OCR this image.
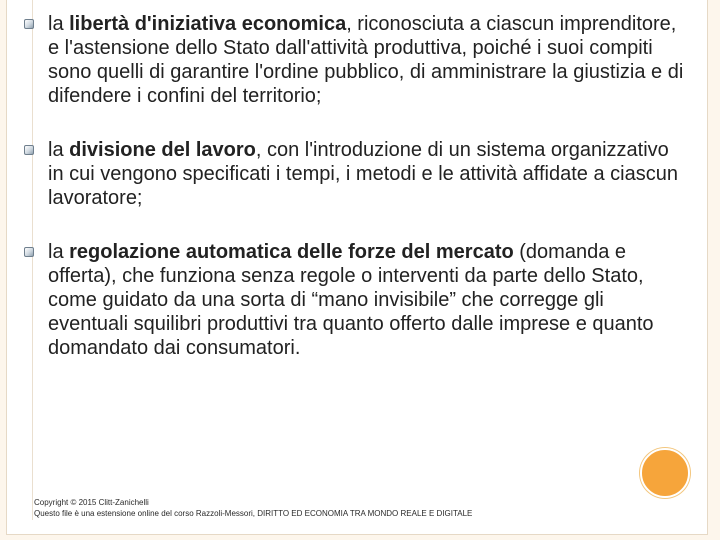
la libertà d'iniziativa economica, riconosciuta a ciascun imprenditore, e l'astensione dello Stato dall'attività produttiva, poiché i suoi compiti sono quelli di garantire l'ordine pubblico, di amministrare la giustizia e di difendere i confini del territorio;
la divisione del lavoro, con l'introduzione di un sistema organizzativo in cui vengono specificati i tempi, i metodi e le attività affidate a ciascun lavoratore;
la regolazione automatica delle forze del mercato (domanda e offerta), che funziona senza regole o interventi da parte dello Stato, come guidato da una sorta di “mano invisibile” che corregge gli eventuali squilibri produttivi tra quanto offerto dalle imprese e quanto domandato dai consumatori.
Copyright © 2015 Clitt-Zanichelli
Questo file è una estensione online del corso Razzoli-Messori, DIRITTO ED ECONOMIA TRA MONDO REALE E DIGITALE
